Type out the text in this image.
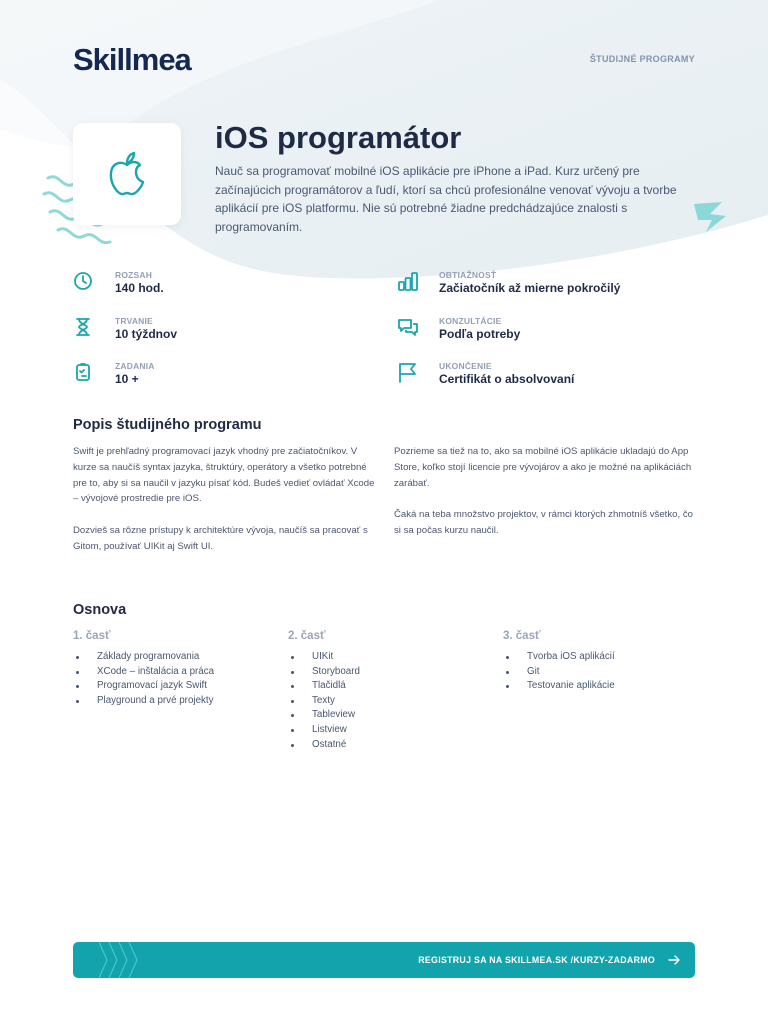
Skillmea	ŠTUDIJNÉ PROGRAMY
iOS programátor

Nauč sa programovať mobilné iOS aplikácie pre iPhone a iPad. Kurz určený pre začínajúcich programátorov a ľudí, ktorí sa chcú profesionálne venovať vývoju a tvorbe aplikácií pre iOS platformu. Nie sú potrebné žiadne predchádzajúce znalosti s programovaním.

ROZSAH
140 hod.
TRVANIE
10 týždnov
ZADANIA
10 +
OBTIAŽNOSŤ
Začiatočník až mierne pokročilý
KONZULTÁCIE
Podľa potreby
UKONČENIE
Certifikát o absolvovaní
Popis študijného programu

Swift je prehľadný programovací jazyk vhodný pre začiatočníkov. V kurze sa naučíš syntax jazyka, štruktúry, operátory a všetko potrebné pre to, aby si sa naučil v jazyku písať kód. Budeš vedieť ovládať Xcode – vývojové prostredie pre iOS.

Dozvieš sa rôzne prístupy k architektúre vývoja, naučíš sa pracovať s Gitom, používať UIKit aj Swift UI.

Pozrieme sa tiež na to, ako sa mobilné iOS aplikácie ukladajú do App Store, koľko stojí licencie pre vývojárov a ako je možné na aplikáciách zarábať.

Čaká na teba množstvo projektov, v rámci ktorých zhmotníš všetko, čo si sa počas kurzu naučil.

Osnova
1. časť
Základy programovania
XCode – inštalácia a práca
Programovací jazyk Swift
Playground a prvé projekty
2. časť
UIKit
Storyboard
Tlačidlá
Texty
Tableview
Listview
Ostatné
3. časť
Tvorba iOS aplikácií
Git
Testovanie aplikácie
REGISTRUJ SA NA SKILLMEA.SK /KURZY-ZADARMO
